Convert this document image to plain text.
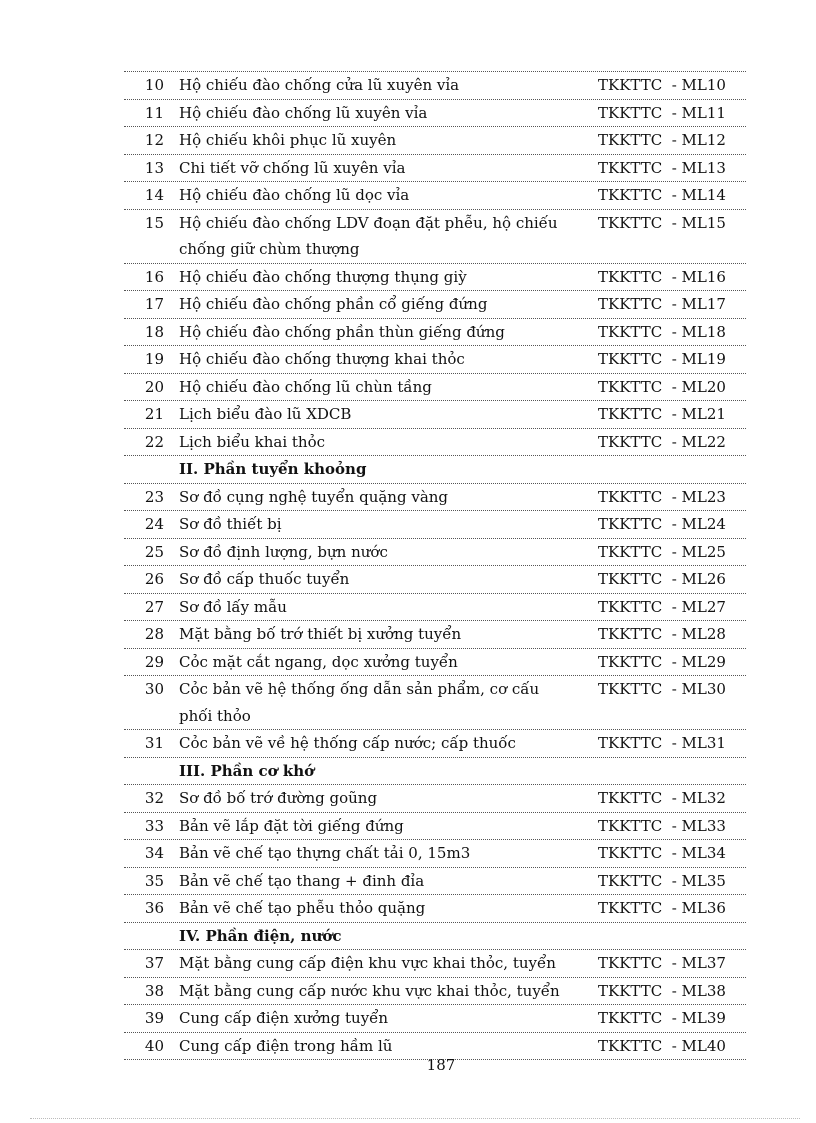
10 Hộ chiếu đào chống cửa lũ xuyên vỉa	TKKTTC  - ML10
11 Hộ chiếu đào chống lũ xuyên vỉa	TKKTTC  - ML11
12 Hộ chiếu khôi phục lũ xuyên	TKKTTC  - ML12
13 Chi tiết vỡ chống lũ xuyên vỉa	TKKTTC  - ML13
14 Hộ chiếu đào chống lũ dọc vỉa	TKKTTC  - ML14
15 Hộ chiếu đào chống LDV đoạn đặt phễu, hộ chiếu chống giữ chùm thượng
TKKTTC  - ML15
16 Hộ chiếu đào chống thượng thụng giỳ	TKKTTC  - ML16
17 Hộ chiếu đào chống phần cổ giếng đứng	TKKTTC  - ML17
18 Hộ chiếu đào chống phần thùn giếng đứng	TKKTTC  - ML18
19 Hộ chiếu đào chống thượng khai thỏc	TKKTTC  - ML19
20 Hộ chiếu đào chống lũ chùn tầng	TKKTTC  - ML20
21 Lịch biểu đào lũ XDCB	TKKTTC  - ML21
22 Lịch biểu khai thỏc	TKKTTC  - ML22
II. Phần tuyển khoỏng
23 Sơ đồ cụng nghệ tuyển quặng vàng	TKKTTC  - ML23
24 Sơ đồ thiết bị	TKKTTC  - ML24
25 Sơ đồ định lượng, bựn nước	TKKTTC  - ML25
26 Sơ đồ cấp thuốc tuyển	TKKTTC  - ML26
27 Sơ đồ lấy mẫu	TKKTTC  - ML27
28 Mặt bằng bố trớ thiết bị xưởng tuyển	TKKTTC  - ML28
29 Cỏc mặt cắt ngang, dọc xưởng tuyển	TKKTTC  - ML29
30 Cỏc bản vẽ hệ thống ống dẫn sản phẩm, cơ cấu phối thỏo
TKKTTC  - ML30
31 Cỏc bản vẽ về hệ thống cấp nước; cấp thuốc	TKKTTC  - ML31
III. Phần cơ khớ
32 Sơ đồ bố trớ đường goũng	TKKTTC  - ML32
33 Bản vẽ lắp đặt tời giếng đứng	TKKTTC  - ML33
34 Bản vẽ chế tạo thựng chất tải 0, 15m3	TKKTTC  - ML34
35 Bản vẽ chế tạo thang + đinh đỉa	TKKTTC  - ML35
36 Bản vẽ chế tạo phễu thỏo quặng	TKKTTC  - ML36
IV. Phần điện, nước
37 Mặt bằng cung cấp điện khu vực khai thỏc, tuyển	TKKTTC  - ML37
38 Mặt bằng cung cấp nước khu vực khai thỏc, tuyển	TKKTTC  - ML38
39 Cung cấp điện xưởng tuyển	TKKTTC  - ML39
40 Cung cấp điện trong hầm lũ	TKKTTC  - ML40
187
